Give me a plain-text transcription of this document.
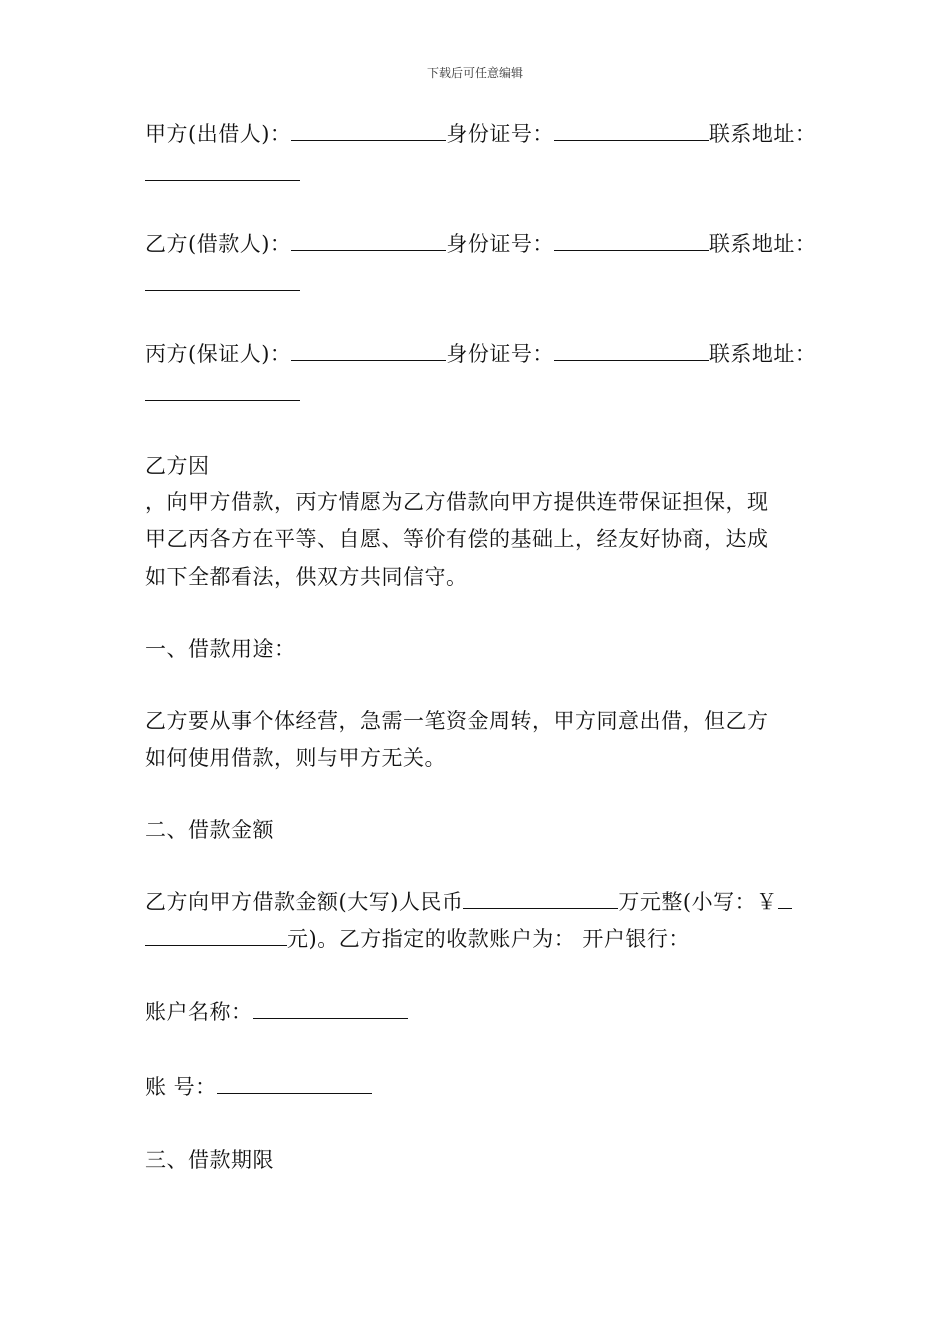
下载后可任意编辑
甲方(出借人)：	身份证号：	联系地址：
乙方(借款人)：	身份证号：	联系地址：
丙方(保证人)：	身份证号：	联系地址：
乙方因
，向甲方借款，丙方情愿为乙方借款向甲方提供连带保证担保，现
甲乙丙各方在平等、自愿、等价有偿的基础上，经友好协商，达成
如下全都看法，供双方共同信守。
一、借款用途：
乙方要从事个体经营，急需一笔资金周转，甲方同意出借，但乙方
如何使用借款，则与甲方无关。
二、借款金额
乙方向甲方借款金额(大写)人民币	万元整(小写：￥
元)。乙方指定的收款账户为： 开户银行：
账户名称：
账 号：
三、借款期限
